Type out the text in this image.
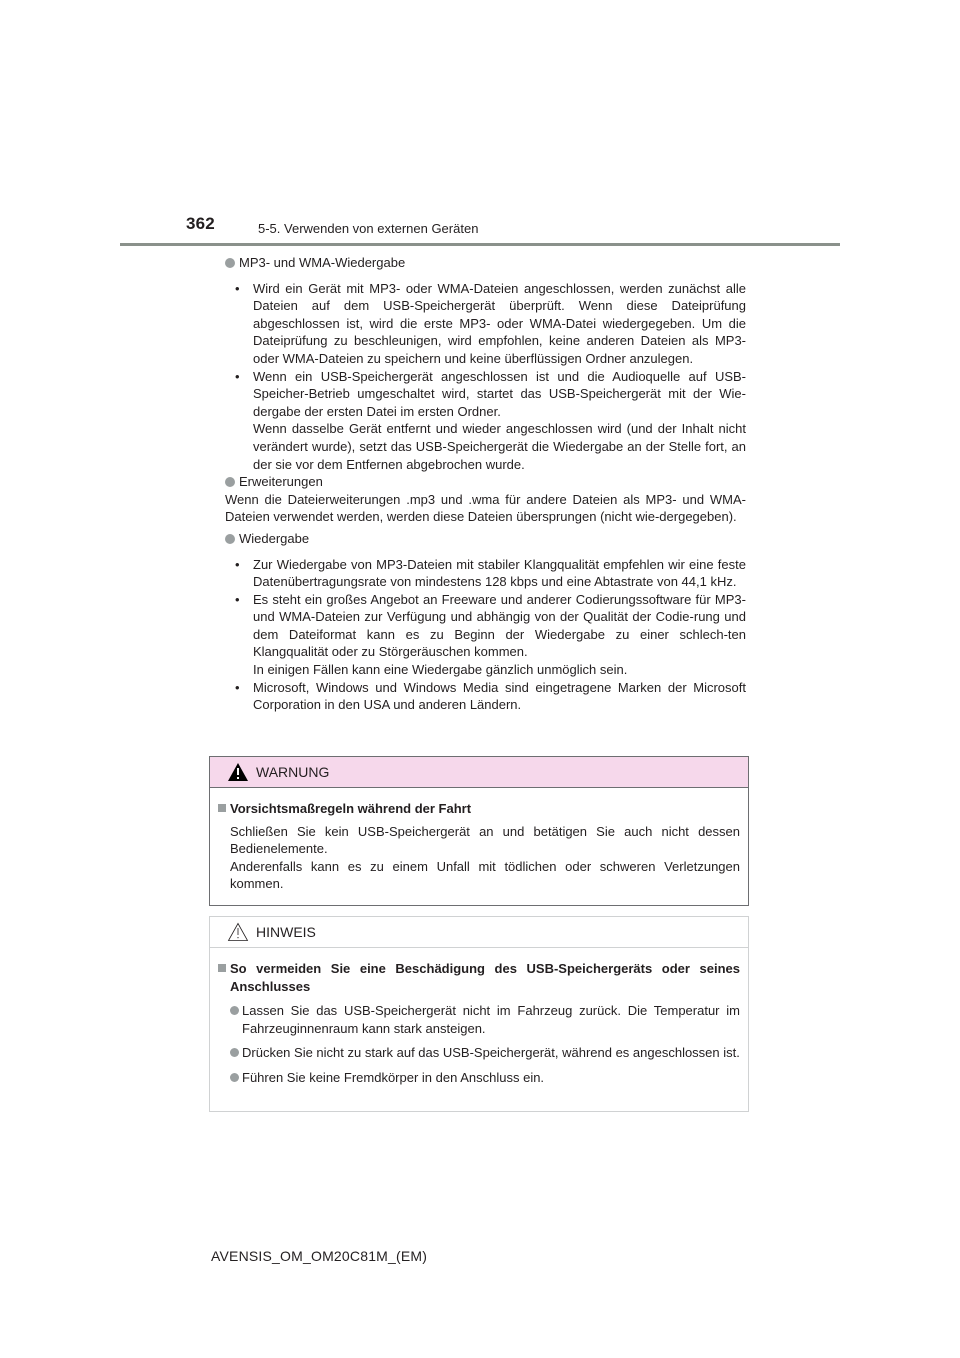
362	5-5. Verwenden von externen Geräten
MP3- und WMA-Wiedergabe
• Wird ein Gerät mit MP3- oder WMA-Dateien angeschlossen, werden zunächst alle Dateien auf dem USB-Speichergerät überprüft. Wenn diese Dateiprüfung abgeschlossen ist, wird die erste MP3- oder WMA-Datei wiedergegeben. Um die Dateiprüfung zu beschleunigen, wird empfohlen, keine anderen Dateien als MP3- oder WMA-Dateien zu speichern und keine überflüssigen Ordner anzulegen.
• Wenn ein USB-Speichergerät angeschlossen ist und die Audioquelle auf USB-Speicher-Betrieb umgeschaltet wird, startet das USB-Speichergerät mit der Wie-dergabe der ersten Datei im ersten Ordner.
Wenn dasselbe Gerät entfernt und wieder angeschlossen wird (und der Inhalt nicht verändert wurde), setzt das USB-Speichergerät die Wiedergabe an der Stelle fort, an der sie vor dem Entfernen abgebrochen wurde.
Erweiterungen
Wenn die Dateierweiterungen .mp3 und .wma für andere Dateien als MP3- und WMA-Dateien verwendet werden, werden diese Dateien übersprungen (nicht wie-dergegeben).
Wiedergabe
• Zur Wiedergabe von MP3-Dateien mit stabiler Klangqualität empfehlen wir eine feste Datenübertragungsrate von mindestens 128 kbps und eine Abtastrate von 44,1 kHz.
• Es steht ein großes Angebot an Freeware und anderer Codierungssoftware für MP3- und WMA-Dateien zur Verfügung und abhängig von der Qualität der Codie-rung und dem Dateiformat kann es zu Beginn der Wiedergabe zu einer schlech-ten Klangqualität oder zu Störgeräuschen kommen.
In einigen Fällen kann eine Wiedergabe gänzlich unmöglich sein.
• Microsoft, Windows und Windows Media sind eingetragene Marken der Microsoft Corporation in den USA und anderen Ländern.
WARNUNG
Vorsichtsmaßregeln während der Fahrt
Schließen Sie kein USB-Speichergerät an und betätigen Sie auch nicht dessen Bedienelemente.
Anderenfalls kann es zu einem Unfall mit tödlichen oder schweren Verletzungen kommen.
HINWEIS
So vermeiden Sie eine Beschädigung des USB-Speichergeräts oder seines Anschlusses
Lassen Sie das USB-Speichergerät nicht im Fahrzeug zurück. Die Temperatur im Fahrzeuginnenraum kann stark ansteigen.
Drücken Sie nicht zu stark auf das USB-Speichergerät, während es angeschlossen ist.
Führen Sie keine Fremdkörper in den Anschluss ein.
AVENSIS_OM_OM20C81M_(EM)
